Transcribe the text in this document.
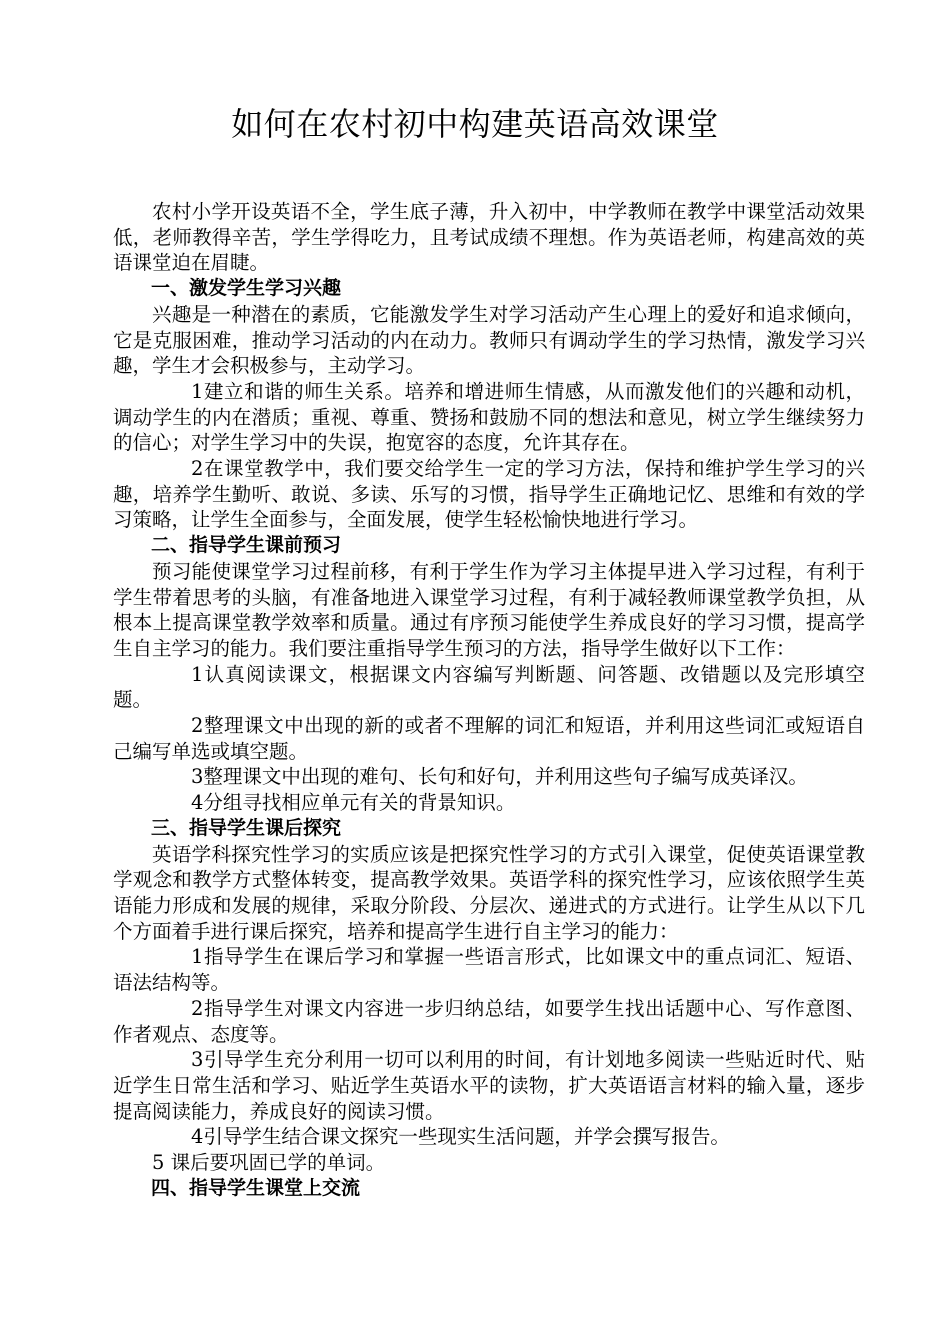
如何在农村初中构建英语高效课堂

农村小学开设英语不全，学生底子薄，升入初中，中学教师在教学中课堂活动效果低，老师教得辛苦，学生学得吃力，且考试成绩不理想。作为英语老师，构建高效的英语课堂迫在眉睫。

一、激发学生学习兴趣

兴趣是一种潜在的素质，它能激发学生对学习活动产生心理上的爱好和追求倾向，它是克服困难，推动学习活动的内在动力。教师只有调动学生的学习热情，激发学习兴趣，学生才会积极参与，主动学习。

1建立和谐的师生关系。培养和增进师生情感，从而激发他们的兴趣和动机，调动学生的内在潜质；重视、尊重、赞扬和鼓励不同的想法和意见，树立学生继续努力的信心；对学生学习中的失误，抱宽容的态度，允许其存在。

2在课堂教学中，我们要交给学生一定的学习方法，保持和维护学生学习的兴趣，培养学生勤听、敢说、多读、乐写的习惯，指导学生正确地记忆、思维和有效的学习策略，让学生全面参与，全面发展，使学生轻松愉快地进行学习。

二、指导学生课前预习

预习能使课堂学习过程前移，有利于学生作为学习主体提早进入学习过程，有利于学生带着思考的头脑，有准备地进入课堂学习过程，有利于减轻教师课堂教学负担，从根本上提高课堂教学效率和质量。通过有序预习能使学生养成良好的学习习惯，提高学生自主学习的能力。我们要注重指导学生预习的方法，指导学生做好以下工作：

1认真阅读课文，根据课文内容编写判断题、问答题、改错题以及完形填空题。

2整理课文中出现的新的或者不理解的词汇和短语，并利用这些词汇或短语自己编写单选或填空题。

3整理课文中出现的难句、长句和好句，并利用这些句子编写成英译汉。

4分组寻找相应单元有关的背景知识。

三、指导学生课后探究

英语学科探究性学习的实质应该是把探究性学习的方式引入课堂，促使英语课堂教学观念和教学方式整体转变，提高教学效果。英语学科的探究性学习，应该依照学生英语能力形成和发展的规律，采取分阶段、分层次、递进式的方式进行。让学生从以下几个方面着手进行课后探究，培养和提高学生进行自主学习的能力：

1指导学生在课后学习和掌握一些语言形式，比如课文中的重点词汇、短语、语法结构等。

2指导学生对课文内容进一步归纳总结，如要学生找出话题中心、写作意图、作者观点、态度等。

3引导学生充分利用一切可以利用的时间，有计划地多阅读一些贴近时代、贴近学生日常生活和学习、贴近学生英语水平的读物，扩大英语语言材料的输入量，逐步提高阅读能力，养成良好的阅读习惯。

4引导学生结合课文探究一些现实生活问题，并学会撰写报告。

5 课后要巩固已学的单词。

四、指导学生课堂上交流
